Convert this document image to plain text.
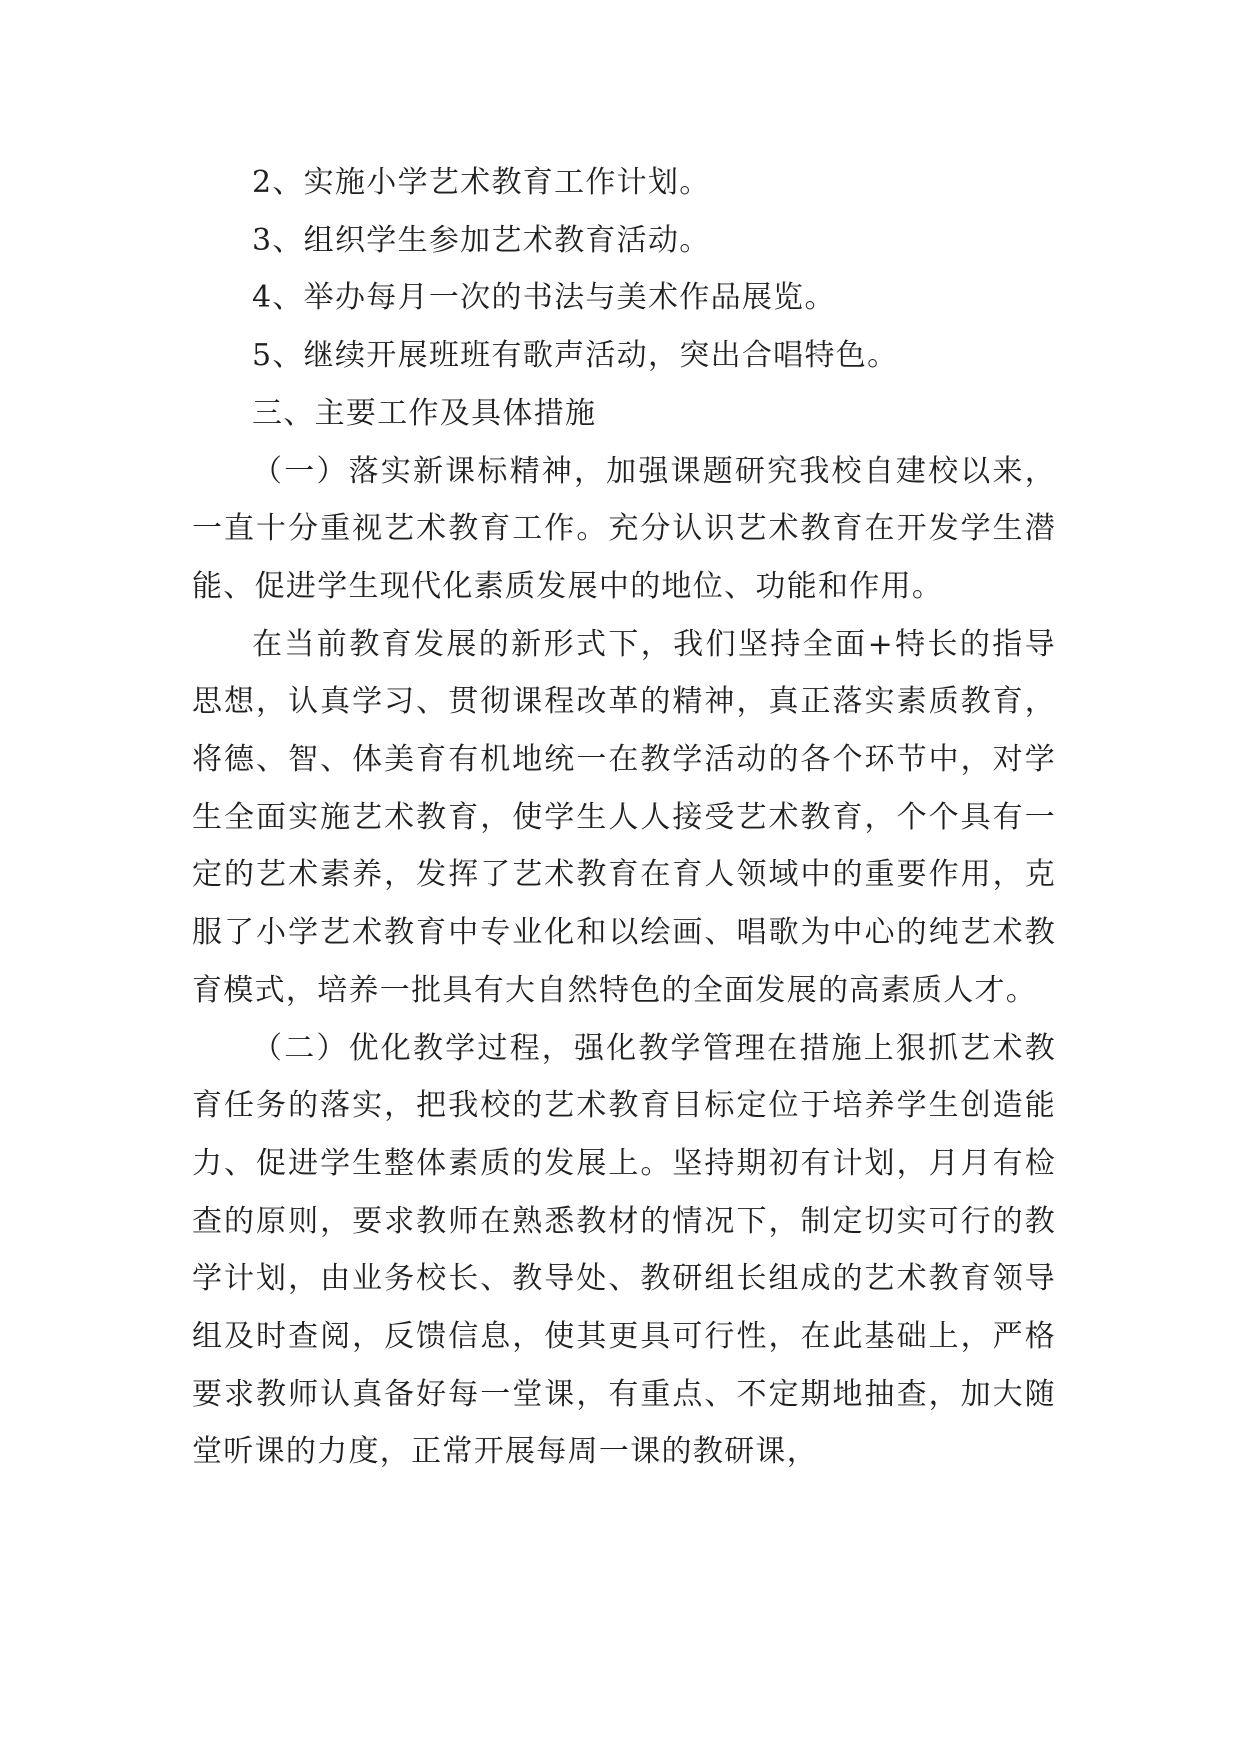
2、实施小学艺术教育工作计划。

3、组织学生参加艺术教育活动。

4、举办每月一次的书法与美术作品展览。

5、继续开展班班有歌声活动，突出合唱特色。

三、主要工作及具体措施

（一）落实新课标精神，加强课题研究我校自建校以来，一直十分重视艺术教育工作。充分认识艺术教育在开发学生潜能、促进学生现代化素质发展中的地位、功能和作用。

在当前教育发展的新形式下，我们坚持全面+特长的指导思想，认真学习、贯彻课程改革的精神，真正落实素质教育，将德、智、体美育有机地统一在教学活动的各个环节中，对学生全面实施艺术教育，使学生人人接受艺术教育，个个具有一定的艺术素养，发挥了艺术教育在育人领域中的重要作用，克服了小学艺术教育中专业化和以绘画、唱歌为中心的纯艺术教育模式，培养一批具有大自然特色的全面发展的高素质人才。

（二）优化教学过程，强化教学管理在措施上狠抓艺术教育任务的落实，把我校的艺术教育目标定位于培养学生创造能力、促进学生整体素质的发展上。坚持期初有计划，月月有检查的原则，要求教师在熟悉教材的情况下，制定切实可行的教学计划，由业务校长、教导处、教研组长组成的艺术教育领导组及时查阅，反馈信息，使其更具可行性，在此基础上，严格要求教师认真备好每一堂课，有重点、不定期地抽查，加大随堂听课的力度，正常开展每周一课的教研课，
